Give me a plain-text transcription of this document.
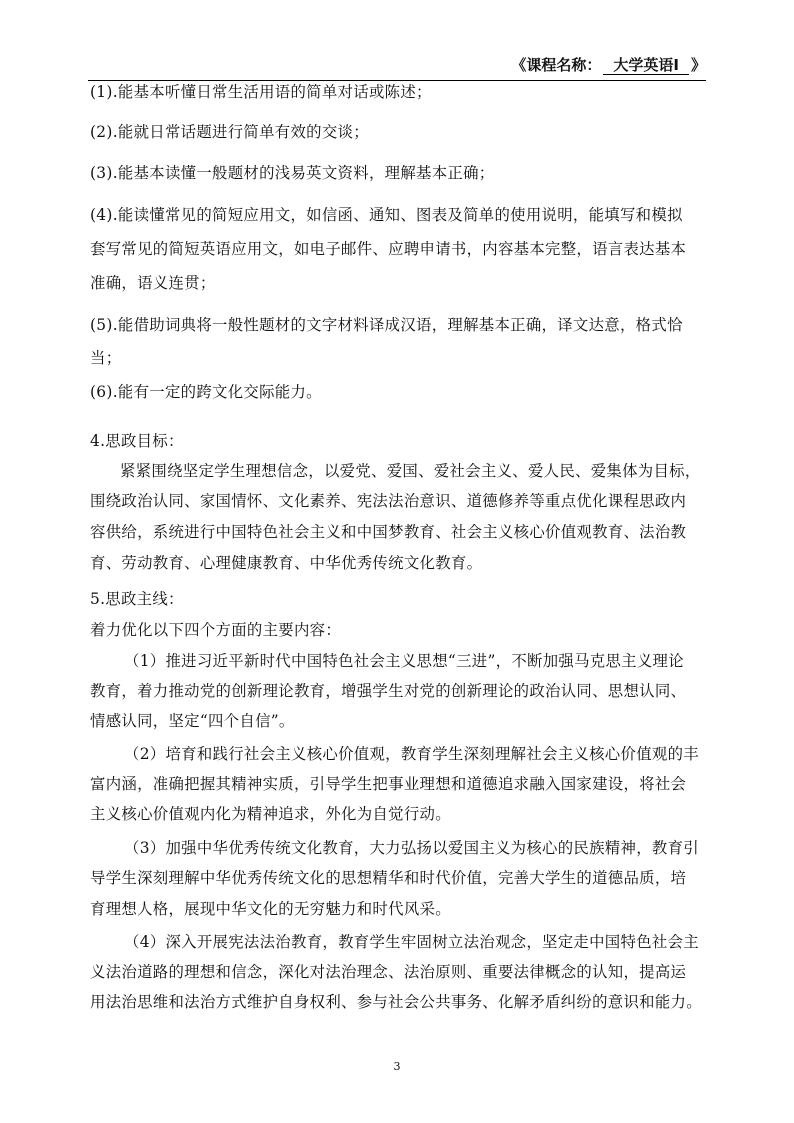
《课程名称： 大学英语Ⅰ 》
(1).能基本听懂日常生活用语的简单对话或陈述；
(2).能就日常话题进行简单有效的交谈；
(3).能基本读懂一般题材的浅易英文资料，理解基本正确；
(4).能读懂常见的简短应用文，如信函、通知、图表及简单的使用说明，能填写和模拟
套写常见的简短英语应用文，如电子邮件、应聘申请书，内容基本完整，语言表达基本
准确，语义连贯；
(5).能借助词典将一般性题材的文字材料译成汉语，理解基本正确，译文达意，格式恰
当；
(6).能有一定的跨文化交际能力。
4.思政目标：
紧紧围绕坚定学生理想信念，以爱党、爱国、爱社会主义、爱人民、爱集体为目标，
围绕政治认同、家国情怀、文化素养、宪法法治意识、道德修养等重点优化课程思政内
容供给，系统进行中国特色社会主义和中国梦教育、社会主义核心价值观教育、法治教
育、劳动教育、心理健康教育、中华优秀传统文化教育。
5.思政主线：
着力优化以下四个方面的主要内容：
（1）推进习近平新时代中国特色社会主义思想“三进”，不断加强马克思主义理论
教育，着力推动党的创新理论教育，增强学生对党的创新理论的政治认同、思想认同、
情感认同，坚定“四个自信”。
（2）培育和践行社会主义核心价值观，教育学生深刻理解社会主义核心价值观的丰
富内涵，准确把握其精神实质，引导学生把事业理想和道德追求融入国家建设，将社会
主义核心价值观内化为精神追求，外化为自觉行动。
（3）加强中华优秀传统文化教育，大力弘扬以爱国主义为核心的民族精神，教育引
导学生深刻理解中华优秀传统文化的思想精华和时代价值，完善大学生的道德品质，培
育理想人格，展现中华文化的无穷魅力和时代风采。
（4）深入开展宪法法治教育，教育学生牢固树立法治观念，坚定走中国特色社会主
义法治道路的理想和信念，深化对法治理念、法治原则、重要法律概念的认知，提高运
用法治思维和法治方式维护自身权利、参与社会公共事务、化解矛盾纠纷的意识和能力。
3
